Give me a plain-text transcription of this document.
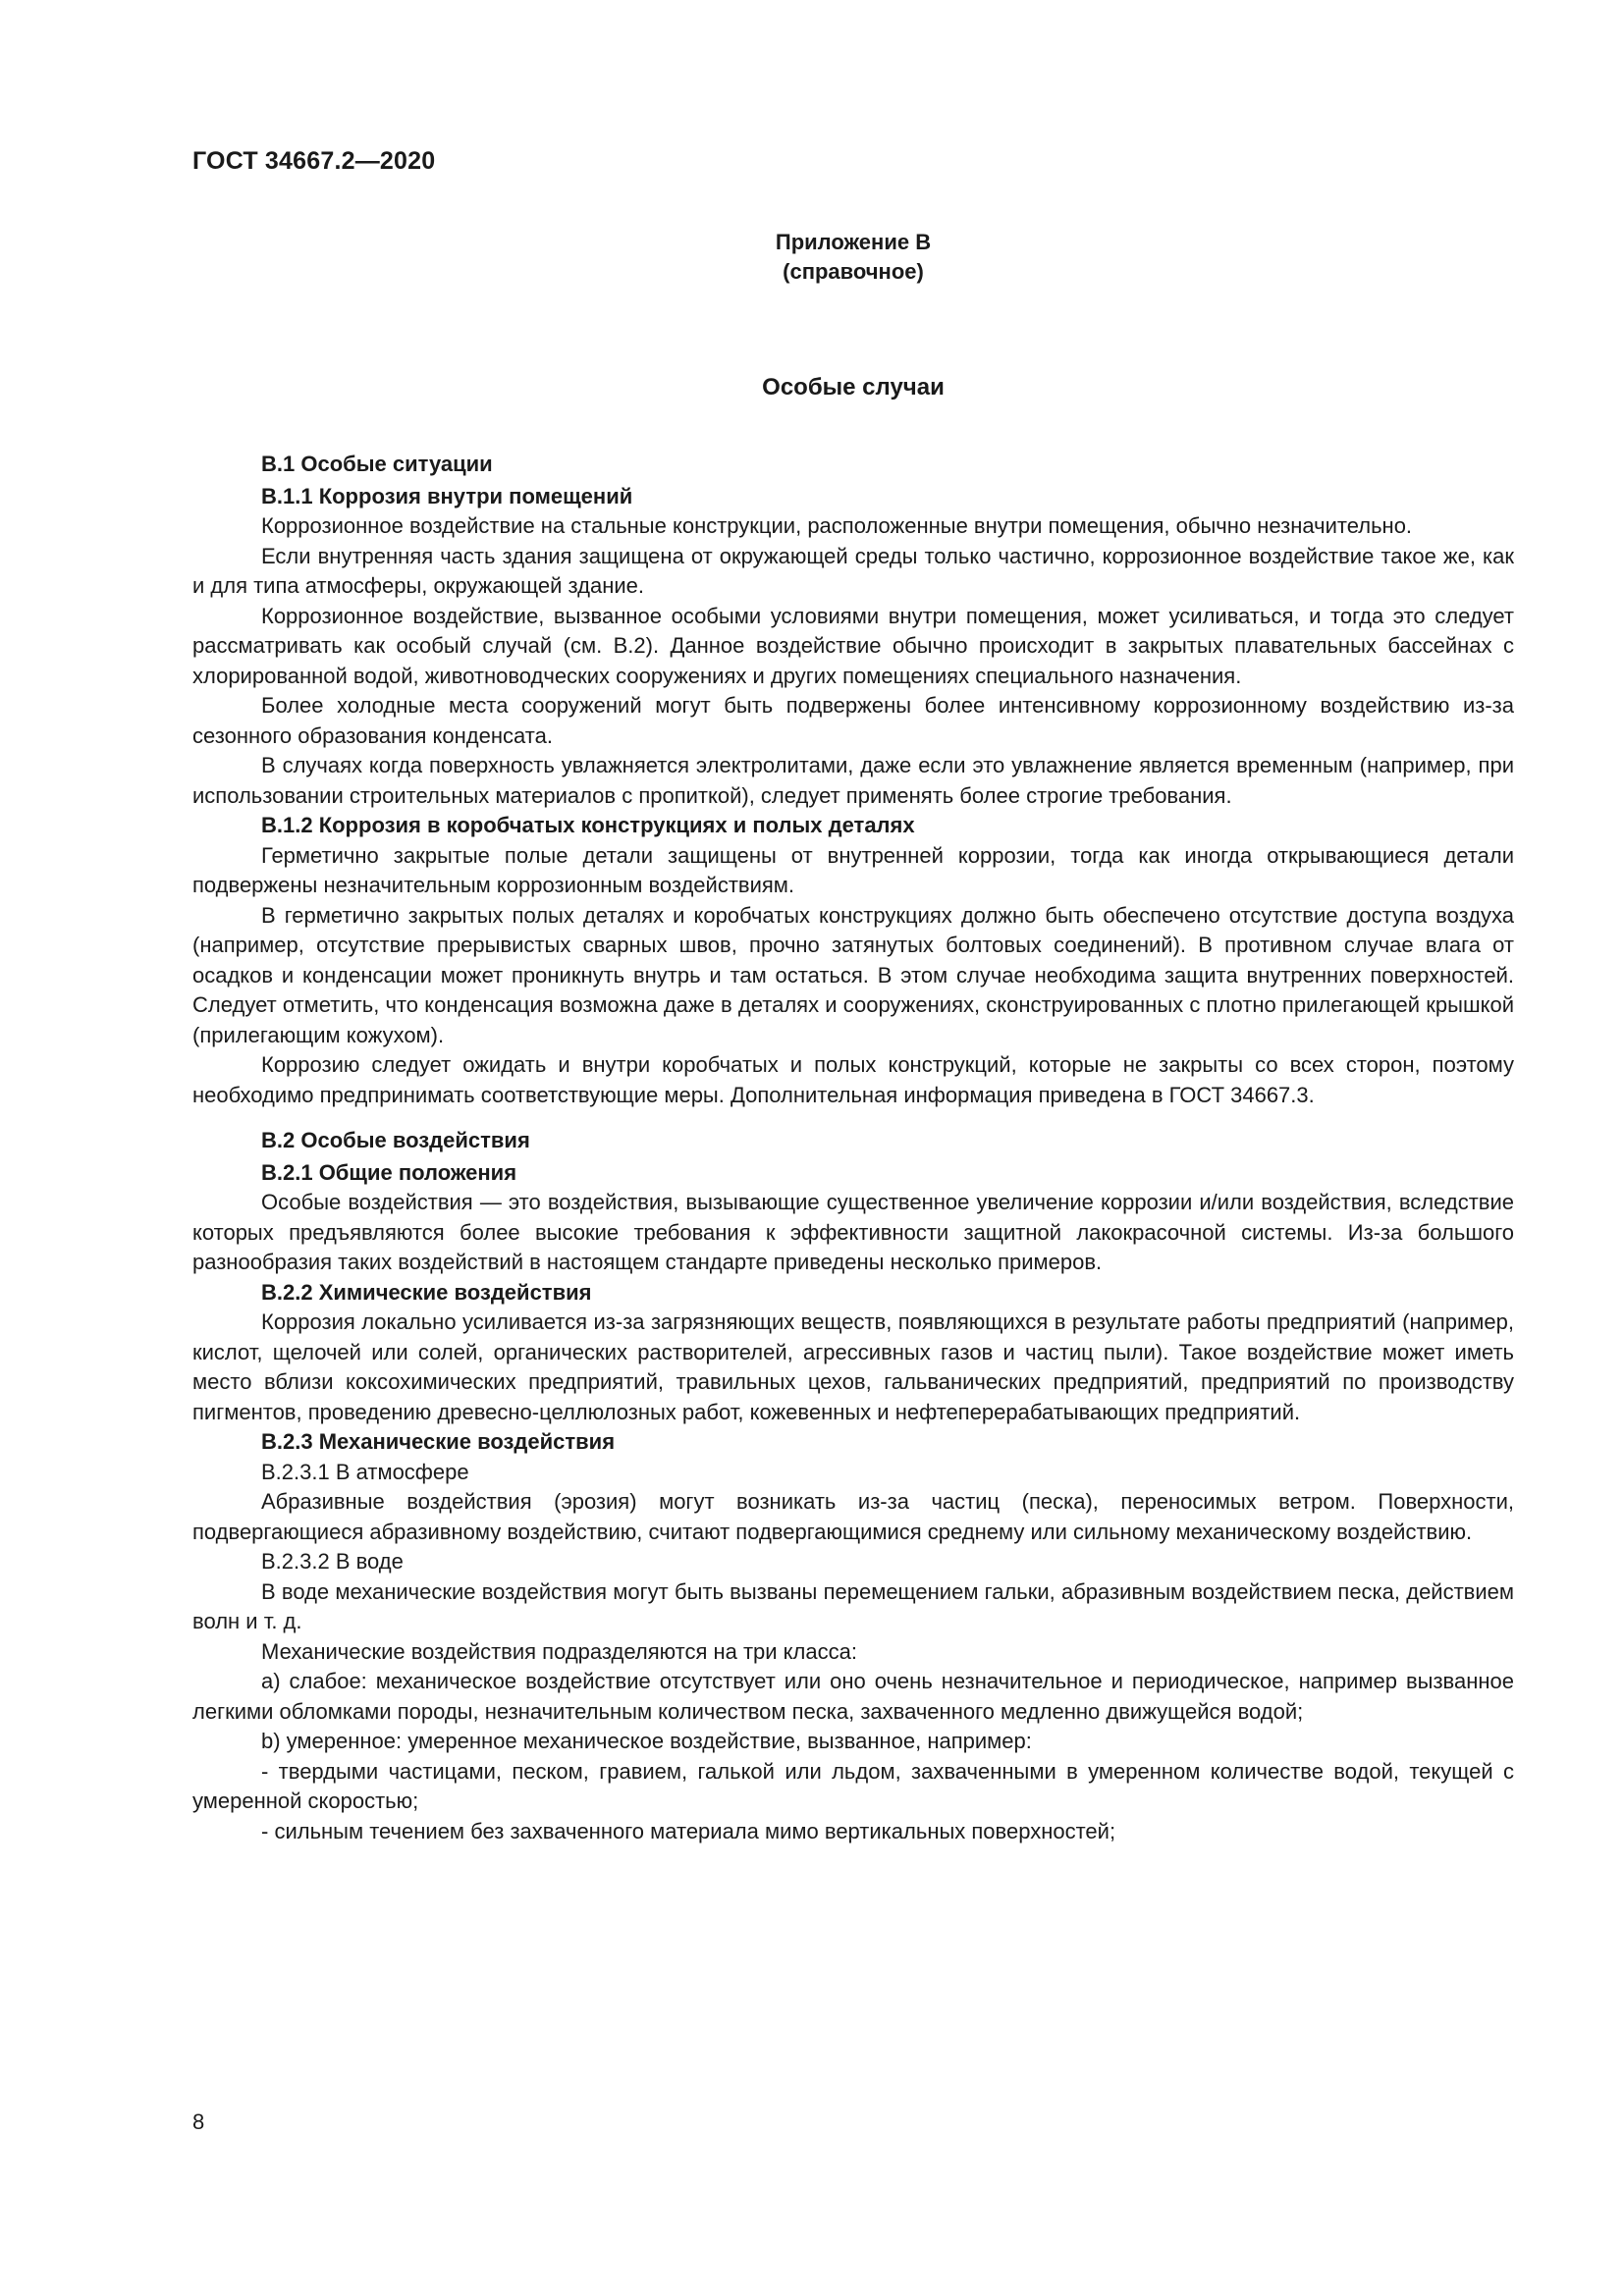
ГОСТ 34667.2—2020
Приложение В
(справочное)
Особые случаи
В.1 Особые ситуации
В.1.1 Коррозия внутри помещений

Коррозионное воздействие на стальные конструкции, расположенные внутри помещения, обычно незначительно.

Если внутренняя часть здания защищена от окружающей среды только частично, коррозионное воздействие такое же, как и для типа атмосферы, окружающей здание.

Коррозионное воздействие, вызванное особыми условиями внутри помещения, может усиливаться, и тогда это следует рассматривать как особый случай (см. В.2). Данное воздействие обычно происходит в закрытых плавательных бассейнах с хлорированной водой, животноводческих сооружениях и других помещениях специального назначения.

Более холодные места сооружений могут быть подвержены более интенсивному коррозионному воздействию из-за сезонного образования конденсата.

В случаях когда поверхность увлажняется электролитами, даже если это увлажнение является временным (например, при использовании строительных материалов с пропиткой), следует применять более строгие требования.

В.1.2 Коррозия в коробчатых конструкциях и полых деталях

Герметично закрытые полые детали защищены от внутренней коррозии, тогда как иногда открывающиеся детали подвержены незначительным коррозионным воздействиям.

В герметично закрытых полых деталях и коробчатых конструкциях должно быть обеспечено отсутствие доступа воздуха (например, отсутствие прерывистых сварных швов, прочно затянутых болтовых соединений). В противном случае влага от осадков и конденсации может проникнуть внутрь и там остаться. В этом случае необходима защита внутренних поверхностей. Следует отметить, что конденсация возможна даже в деталях и сооружениях, сконструированных с плотно прилегающей крышкой (прилегающим кожухом).

Коррозию следует ожидать и внутри коробчатых и полых конструкций, которые не закрыты со всех сторон, поэтому необходимо предпринимать соответствующие меры. Дополнительная информация приведена в ГОСТ 34667.3.

В.2 Особые воздействия
В.2.1 Общие положения

Особые воздействия — это воздействия, вызывающие существенное увеличение коррозии и/или воздействия, вследствие которых предъявляются более высокие требования к эффективности защитной лакокрасочной системы. Из-за большого разнообразия таких воздействий в настоящем стандарте приведены несколько примеров.

В.2.2 Химические воздействия

Коррозия локально усиливается из-за загрязняющих веществ, появляющихся в результате работы предприятий (например, кислот, щелочей или солей, органических растворителей, агрессивных газов и частиц пыли). Такое воздействие может иметь место вблизи коксохимических предприятий, травильных цехов, гальванических предприятий, предприятий по производству пигментов, проведению древесно-целлюлозных работ, кожевенных и нефтеперерабатывающих предприятий.

В.2.3 Механические воздействия
В.2.3.1 В атмосфере

Абразивные воздействия (эрозия) могут возникать из-за частиц (песка), переносимых ветром. Поверхности, подвергающиеся абразивному воздействию, считают подвергающимися среднему или сильному механическому воздействию.

В.2.3.2 В воде

В воде механические воздействия могут быть вызваны перемещением гальки, абразивным воздействием песка, действием волн и т. д.

Механические воздействия подразделяются на три класса:

a) слабое: механическое воздействие отсутствует или оно очень незначительное и периодическое, например вызванное легкими обломками породы, незначительным количеством песка, захваченного медленно движущейся водой;

b) умеренное: умеренное механическое воздействие, вызванное, например:

- твердыми частицами, песком, гравием, галькой или льдом, захваченными в умеренном количестве водой, текущей с умеренной скоростью;

- сильным течением без захваченного материала мимо вертикальных поверхностей;

8
